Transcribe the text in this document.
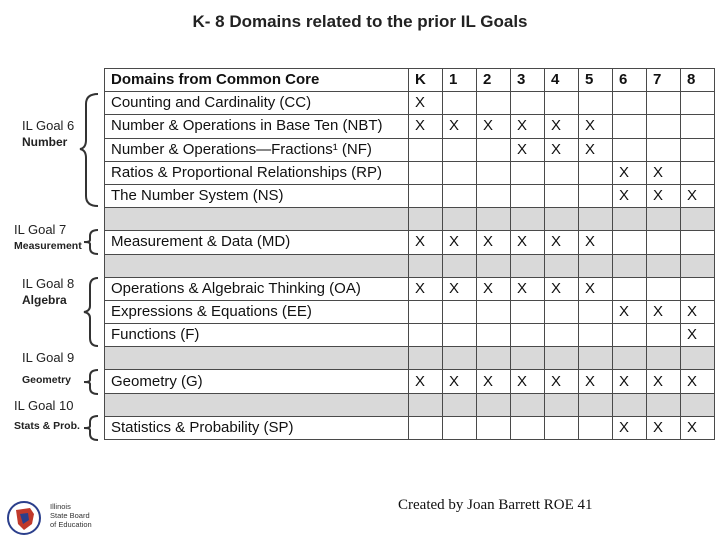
K- 8 Domains related to the prior IL Goals
Domains from Common Core	K	1	2	3	4	5	6	7	8
Counting and Cardinality (CC)	X								
Number & Operations in Base Ten (NBT)	X	X	X	X	X	X			
Number & Operations—Fractions¹ (NF)				X	X	X			
Ratios & Proportional Relationships (RP)							X	X	
The Number System (NS)							X	X	X

Measurement & Data (MD)	X	X	X	X	X	X			

Operations & Algebraic Thinking (OA)	X	X	X	X	X	X			
Expressions & Equations (EE)							X	X	X
Functions (F)									X

Geometry (G)	X	X	X	X	X	X	X	X	X

Statistics & Probability (SP)							X	X	X
IL Goal 6
Number
IL Goal 7
Measurement
IL Goal 8
Algebra
IL Goal 9
Geometry
IL Goal 10
Stats & Prob.
Illinois
State Board
of Education
Created by Joan Barrett ROE 41
